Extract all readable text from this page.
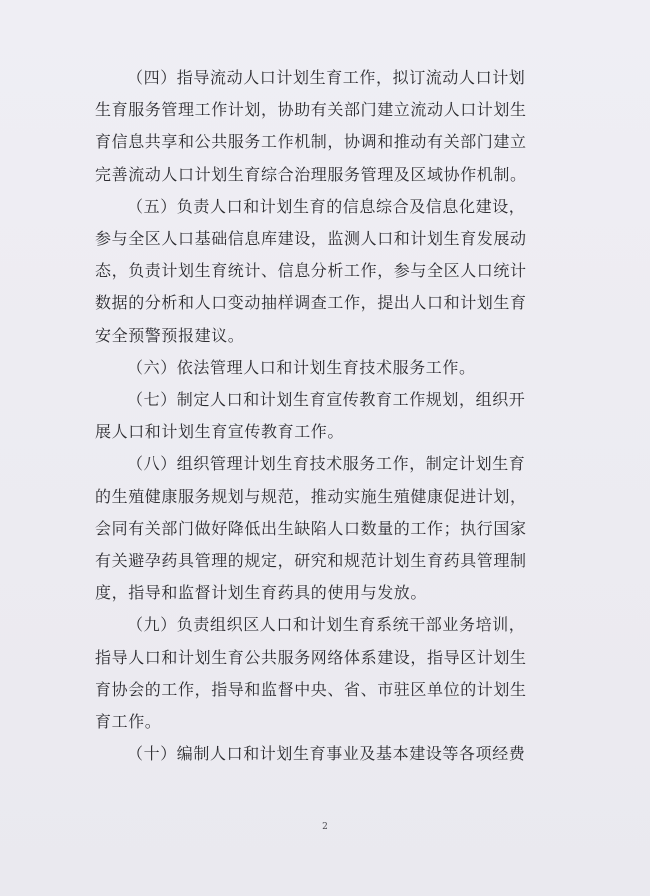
（四）指导流动人口计划生育工作，拟订流动人口计划
生育服务管理工作计划，协助有关部门建立流动人口计划生
育信息共享和公共服务工作机制，协调和推动有关部门建立
完善流动人口计划生育综合治理服务管理及区域协作机制。

（五）负责人口和计划生育的信息综合及信息化建设，
参与全区人口基础信息库建设，监测人口和计划生育发展动
态，负责计划生育统计、信息分析工作，参与全区人口统计
数据的分析和人口变动抽样调查工作，提出人口和计划生育
安全预警预报建议。

（六）依法管理人口和计划生育技术服务工作。

（七）制定人口和计划生育宣传教育工作规划，组织开
展人口和计划生育宣传教育工作。

（八）组织管理计划生育技术服务工作，制定计划生育
的生殖健康服务规划与规范，推动实施生殖健康促进计划，
会同有关部门做好降低出生缺陷人口数量的工作；执行国家
有关避孕药具管理的规定，研究和规范计划生育药具管理制
度，指导和监督计划生育药具的使用与发放。

（九）负责组织区人口和计划生育系统干部业务培训，
指导人口和计划生育公共服务网络体系建设，指导区计划生
育协会的工作，指导和监督中央、省、市驻区单位的计划生
育工作。

（十）编制人口和计划生育事业及基本建设等各项经费

2
